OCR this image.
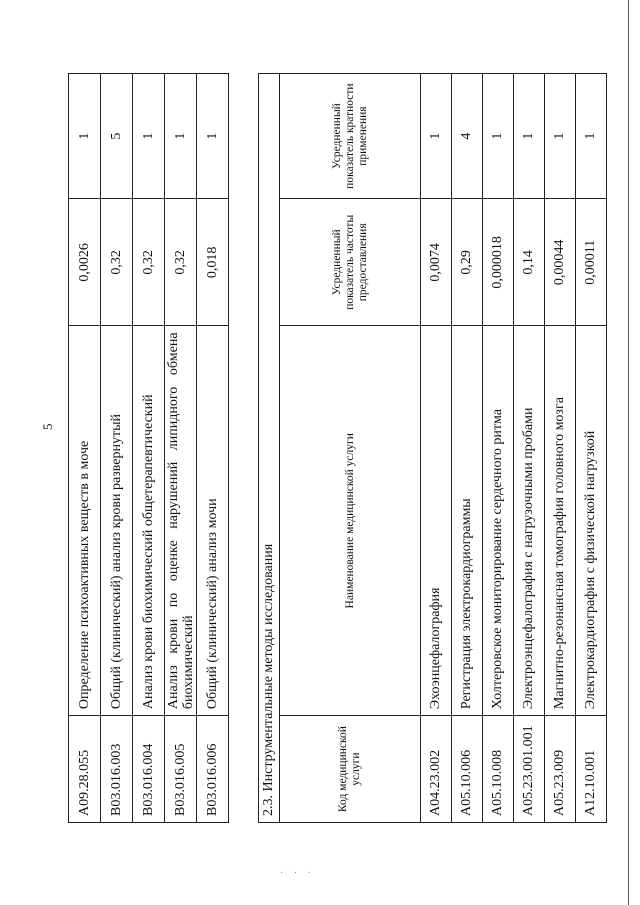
5
· · ·
A09.28.055	Определение психоактивных веществ в моче	0,0026	1
B03.016.003	Общий (клинический) анализ крови развернутый	0,32	5
B03.016.004	Анализ крови биохимический общетерапевтический	0,32	1
B03.016.005	Анализ крови по оценке нарушений липидного обмена биохимический	0,32	1
B03.016.006	Общий (клинический) анализ мочи	0,018	1
2.3. Инструментальные методы исследования			
Код медицинской услуги	Наименование медицинской услуги	Усредненный показатель частоты предоставления	Усредненный показатель кратности применения
A04.23.002	Эхоэнцефалография	0,0074	1
A05.10.006	Регистрация электрокардиограммы	0,29	4
A05.10.008	Холтеровское мониторирование сердечного ритма	0,000018	1
A05.23.001.001	Электроэнцефалография с нагрузочными пробами	0,14	1
A05.23.009	Магнитно-резонансная томография головного мозга	0,00044	1
A12.10.001	Электрокардиография с физической нагрузкой	0,00011	1
